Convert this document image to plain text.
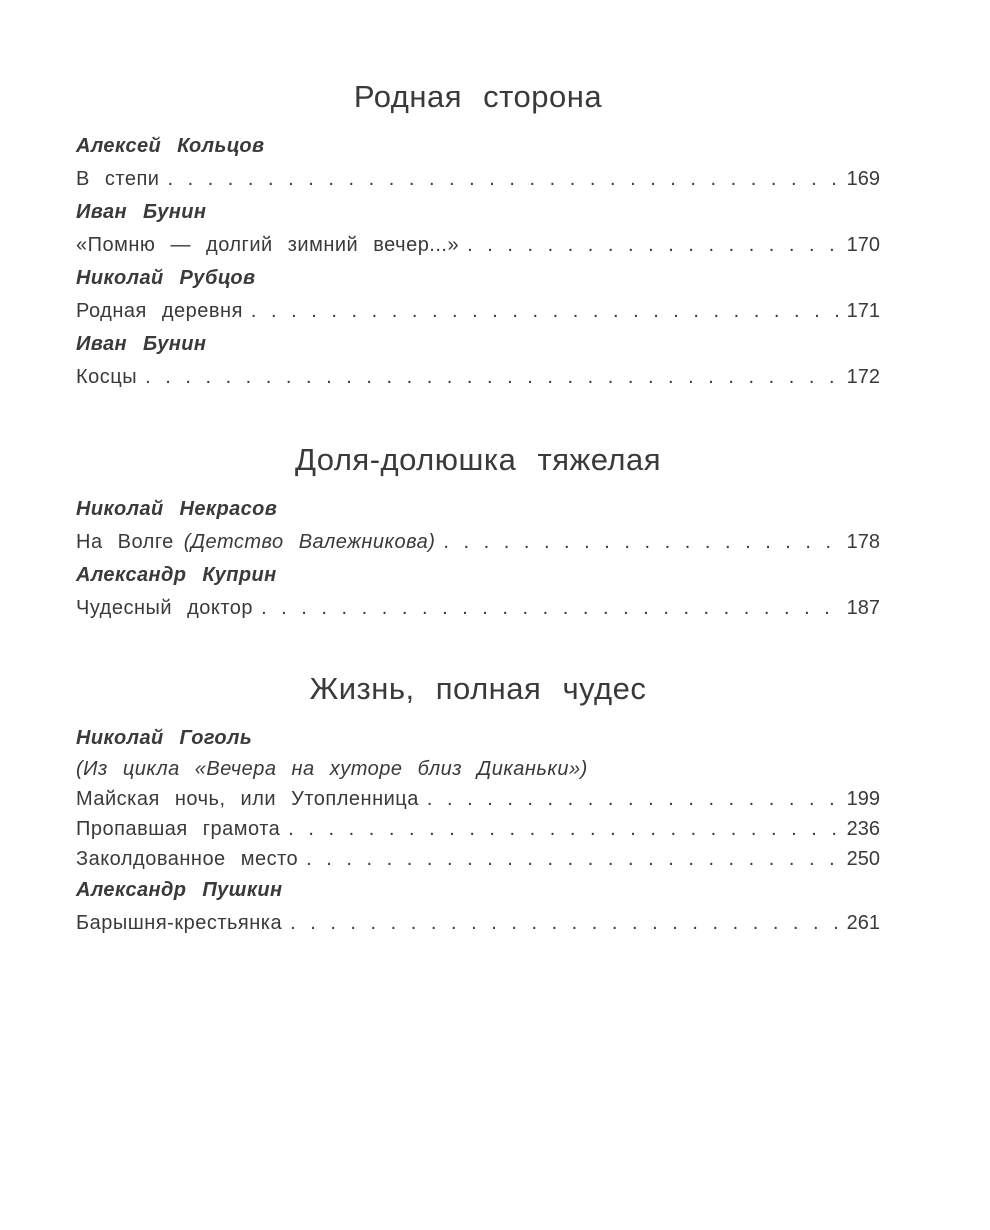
Родная сторона
Алексей Кольцов
В степи . . .	169
Иван Бунин
«Помню — долгий зимний вечер...» . . .	170
Николай Рубцов
Родная деревня . . .	171
Иван Бунин
Косцы . . .	172
Доля-долюшка тяжелая
Николай Некрасов
На Волге (Детство Валежникова) . . .	178
Александр Куприн
Чудесный доктор . . .	187
Жизнь, полная чудес
Николай Гоголь
(Из цикла «Вечера на хуторе близ Диканьки»)
Майская ночь, или Утопленница . . .	199
Пропавшая грамота . . .	236
Заколдованное место . . .	250
Александр Пушкин
Барышня-крестьянка . . .	261
